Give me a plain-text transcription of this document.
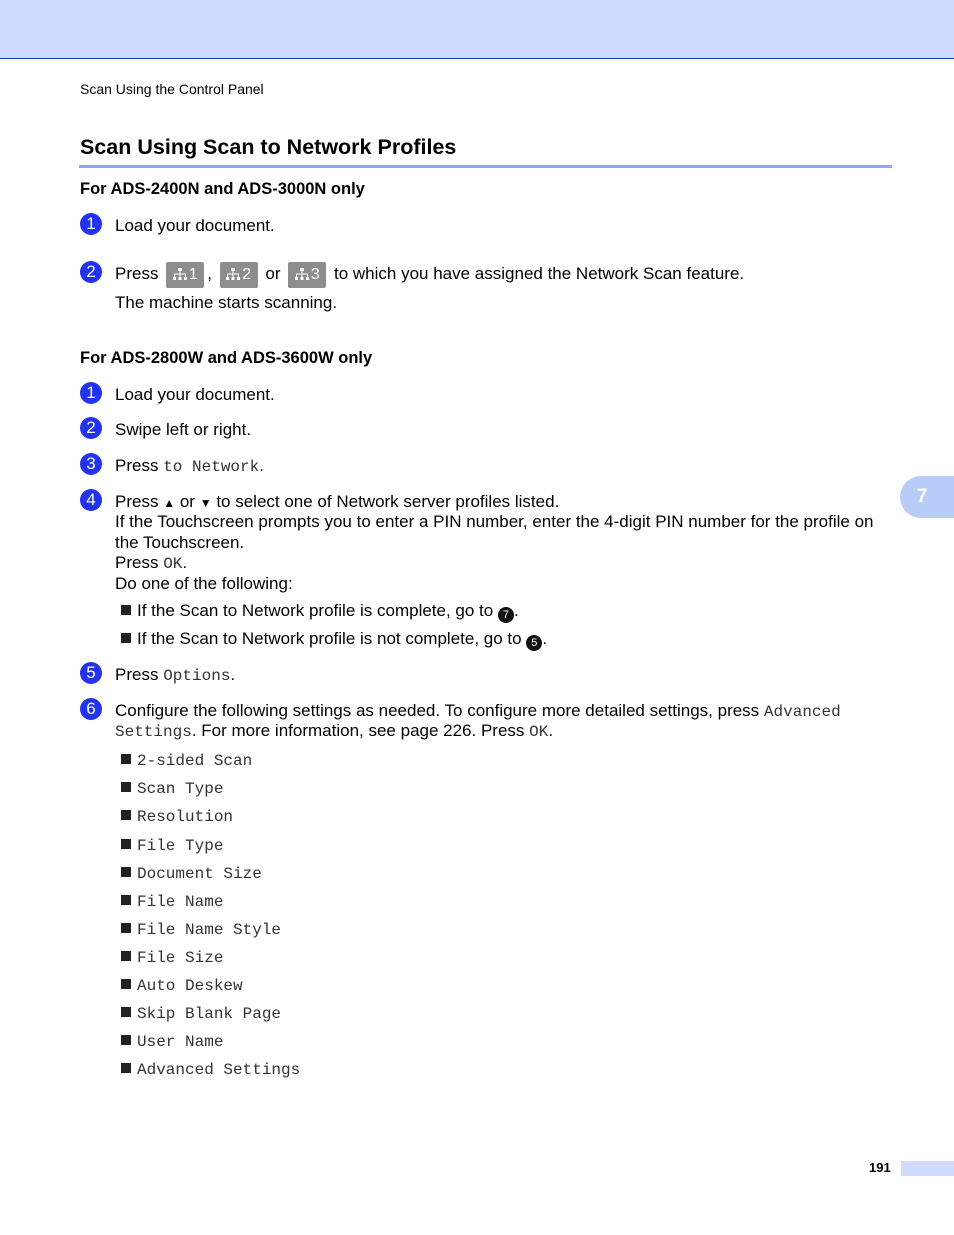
Scan Using the Control Panel
Scan Using Scan to Network Profiles
For ADS-2400N and ADS-3000N only
1	Load your document.
2	Press 1 , 2 or 3 to which you have assigned the Network Scan feature.
The machine starts scanning.
For ADS-2800W and ADS-3600W only
1	Load your document.
2	Swipe left or right.
3	Press to Network.
4	Press ▲ or ▼ to select one of Network server profiles listed.
If the Touchscreen prompts you to enter a PIN number, enter the 4-digit PIN number for the profile on
the Touchscreen.
Press OK.
Do one of the following:
If the Scan to Network profile is complete, go to 7 .
If the Scan to Network profile is not complete, go to 5 .
5	Press Options.
6	Configure the following settings as needed. To configure more detailed settings, press Advanced
Settings. For more information, see page 226. Press OK.
2-sided Scan
Scan Type
Resolution
File Type
Document Size
File Name
File Name Style
File Size
Auto Deskew
Skip Blank Page
User Name
Advanced Settings
7
191
